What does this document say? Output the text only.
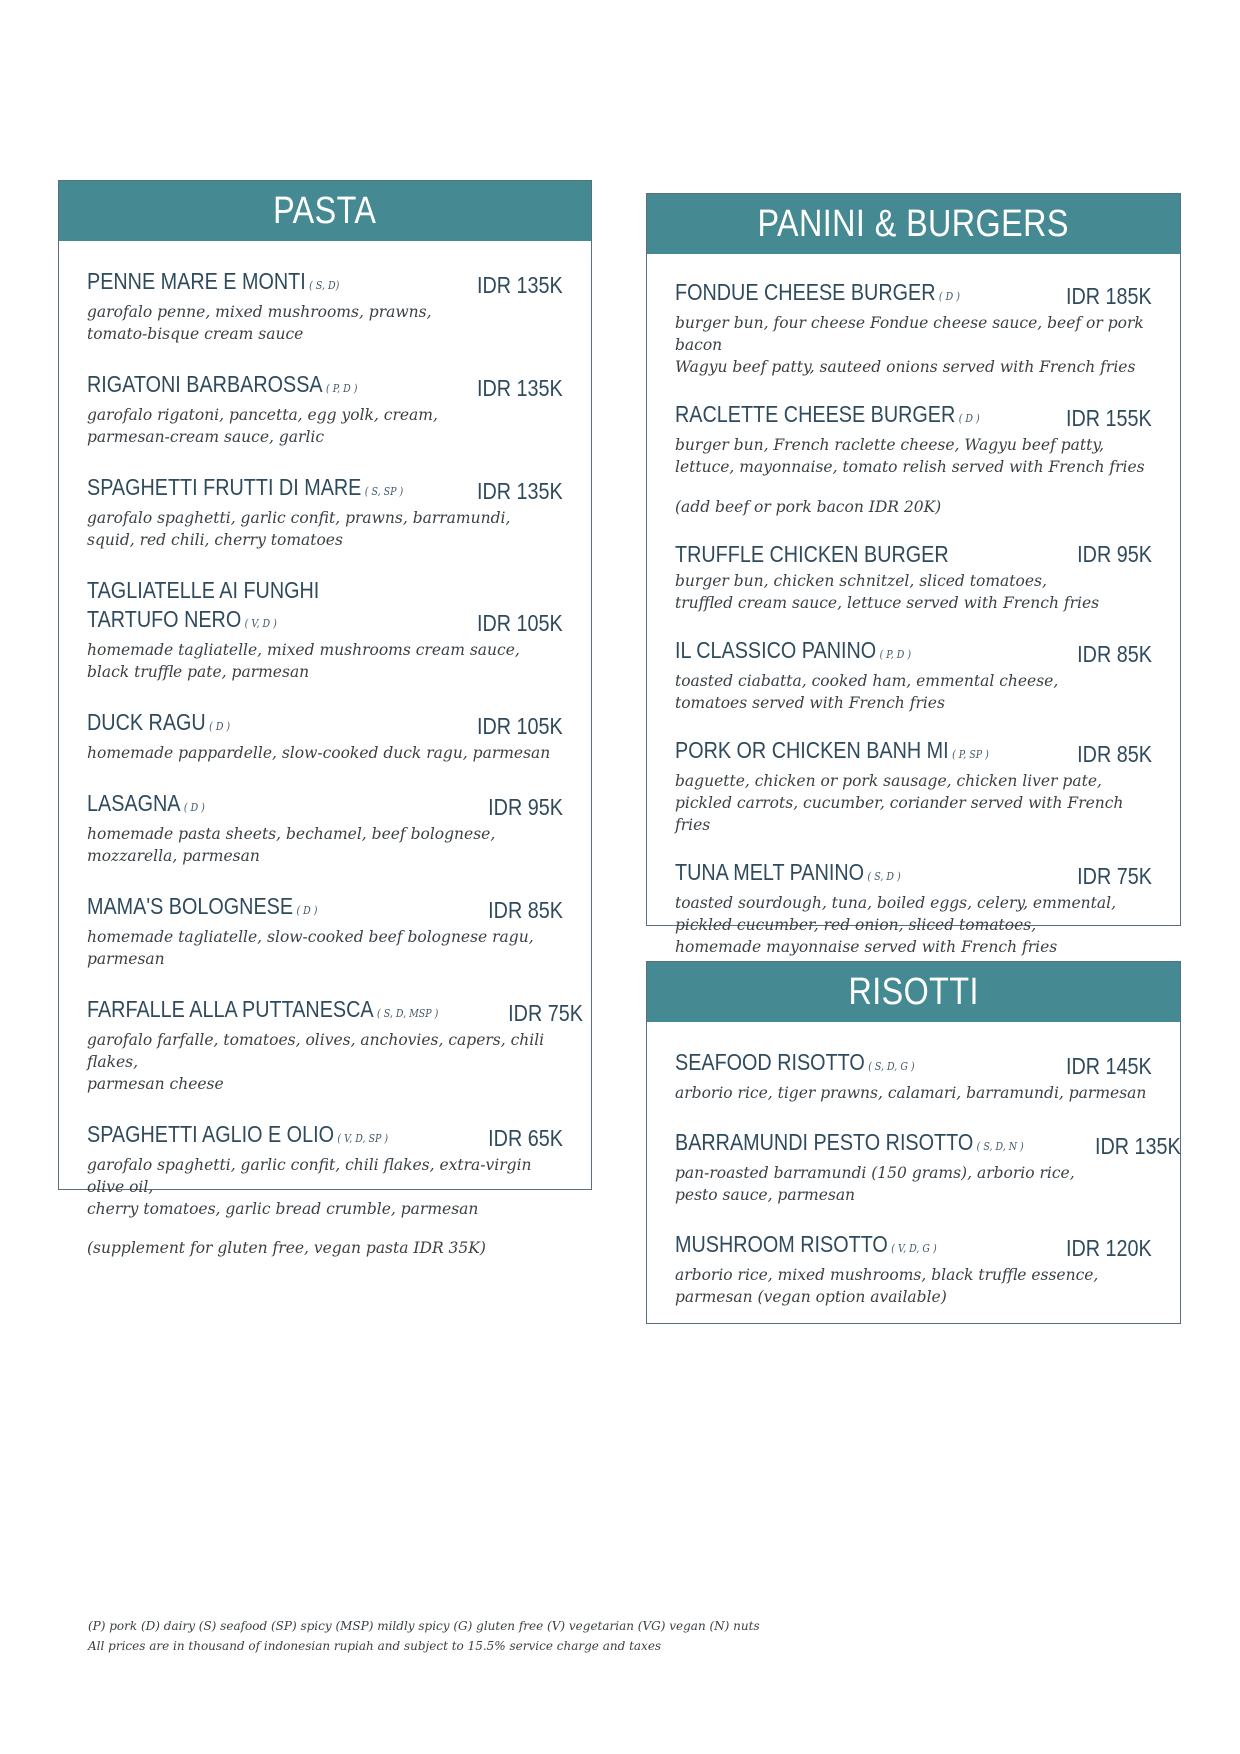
PASTA
PENNE MARE E MONTI ( S, D)	IDR 135K
garofalo penne, mixed mushrooms, prawns,
tomato-bisque cream sauce
RIGATONI BARBAROSSA ( P, D )	IDR 135K
garofalo rigatoni, pancetta, egg yolk, cream,
parmesan-cream sauce, garlic
SPAGHETTI FRUTTI DI MARE ( S, SP )	IDR 135K
garofalo spaghetti, garlic confit, prawns, barramundi,
squid, red chili, cherry tomatoes
TAGLIATELLE AI FUNGHI
TARTUFO NERO ( V, D )	IDR 105K
homemade tagliatelle, mixed mushrooms cream sauce,
black truffle pate, parmesan
DUCK RAGU ( D )	IDR 105K
homemade pappardelle, slow-cooked duck ragu, parmesan
LASAGNA ( D )	IDR 95K
homemade pasta sheets, bechamel, beef bolognese,
mozzarella, parmesan
MAMA'S BOLOGNESE ( D )	IDR 85K
homemade tagliatelle, slow-cooked beef bolognese ragu,
parmesan
FARFALLE ALLA PUTTANESCA ( S, D, MSP )	IDR 75K
garofalo farfalle, tomatoes, olives, anchovies, capers, chili flakes,
parmesan cheese
SPAGHETTI AGLIO E OLIO ( V, D, SP )	IDR 65K
garofalo spaghetti, garlic confit, chili flakes, extra-virgin olive oil,
cherry tomatoes, garlic bread crumble, parmesan
(supplement for gluten free, vegan pasta IDR 35K)
PANINI & BURGERS
FONDUE CHEESE BURGER ( D )	IDR 185K
burger bun, four cheese Fondue cheese sauce, beef or pork bacon
Wagyu beef patty, sauteed onions served with French fries
RACLETTE CHEESE BURGER ( D )	IDR 155K
burger bun, French raclette cheese, Wagyu beef patty,
lettuce, mayonnaise, tomato relish served with French fries
(add beef or pork bacon IDR 20K)
TRUFFLE CHICKEN BURGER	IDR 95K
burger bun, chicken schnitzel, sliced tomatoes,
truffled cream sauce, lettuce served with French fries
IL CLASSICO PANINO ( P, D )	IDR 85K
toasted ciabatta, cooked ham, emmental cheese,
tomatoes served with French fries
PORK OR CHICKEN BANH MI ( P, SP )	IDR 85K
baguette, chicken or pork sausage, chicken liver pate,
pickled carrots, cucumber, coriander served with French fries
TUNA MELT PANINO ( S, D )	IDR 75K
toasted sourdough, tuna, boiled eggs, celery, emmental,
pickled cucumber, red onion, sliced tomatoes,
homemade mayonnaise served with French fries
RISOTTI
SEAFOOD RISOTTO ( S, D, G )	IDR 145K
arborio rice, tiger prawns, calamari, barramundi, parmesan
BARRAMUNDI PESTO RISOTTO ( S, D, N )	IDR 135K
pan-roasted barramundi (150 grams), arborio rice,
pesto sauce, parmesan
MUSHROOM RISOTTO ( V, D, G )	IDR 120K
arborio rice, mixed mushrooms, black truffle essence,
parmesan (vegan option available)
(P) pork (D) dairy (S) seafood (SP) spicy (MSP) mildly spicy (G) gluten free (V) vegetarian (VG) vegan (N) nuts
All prices are in thousand of indonesian rupiah and subject to 15.5% service charge and taxes
